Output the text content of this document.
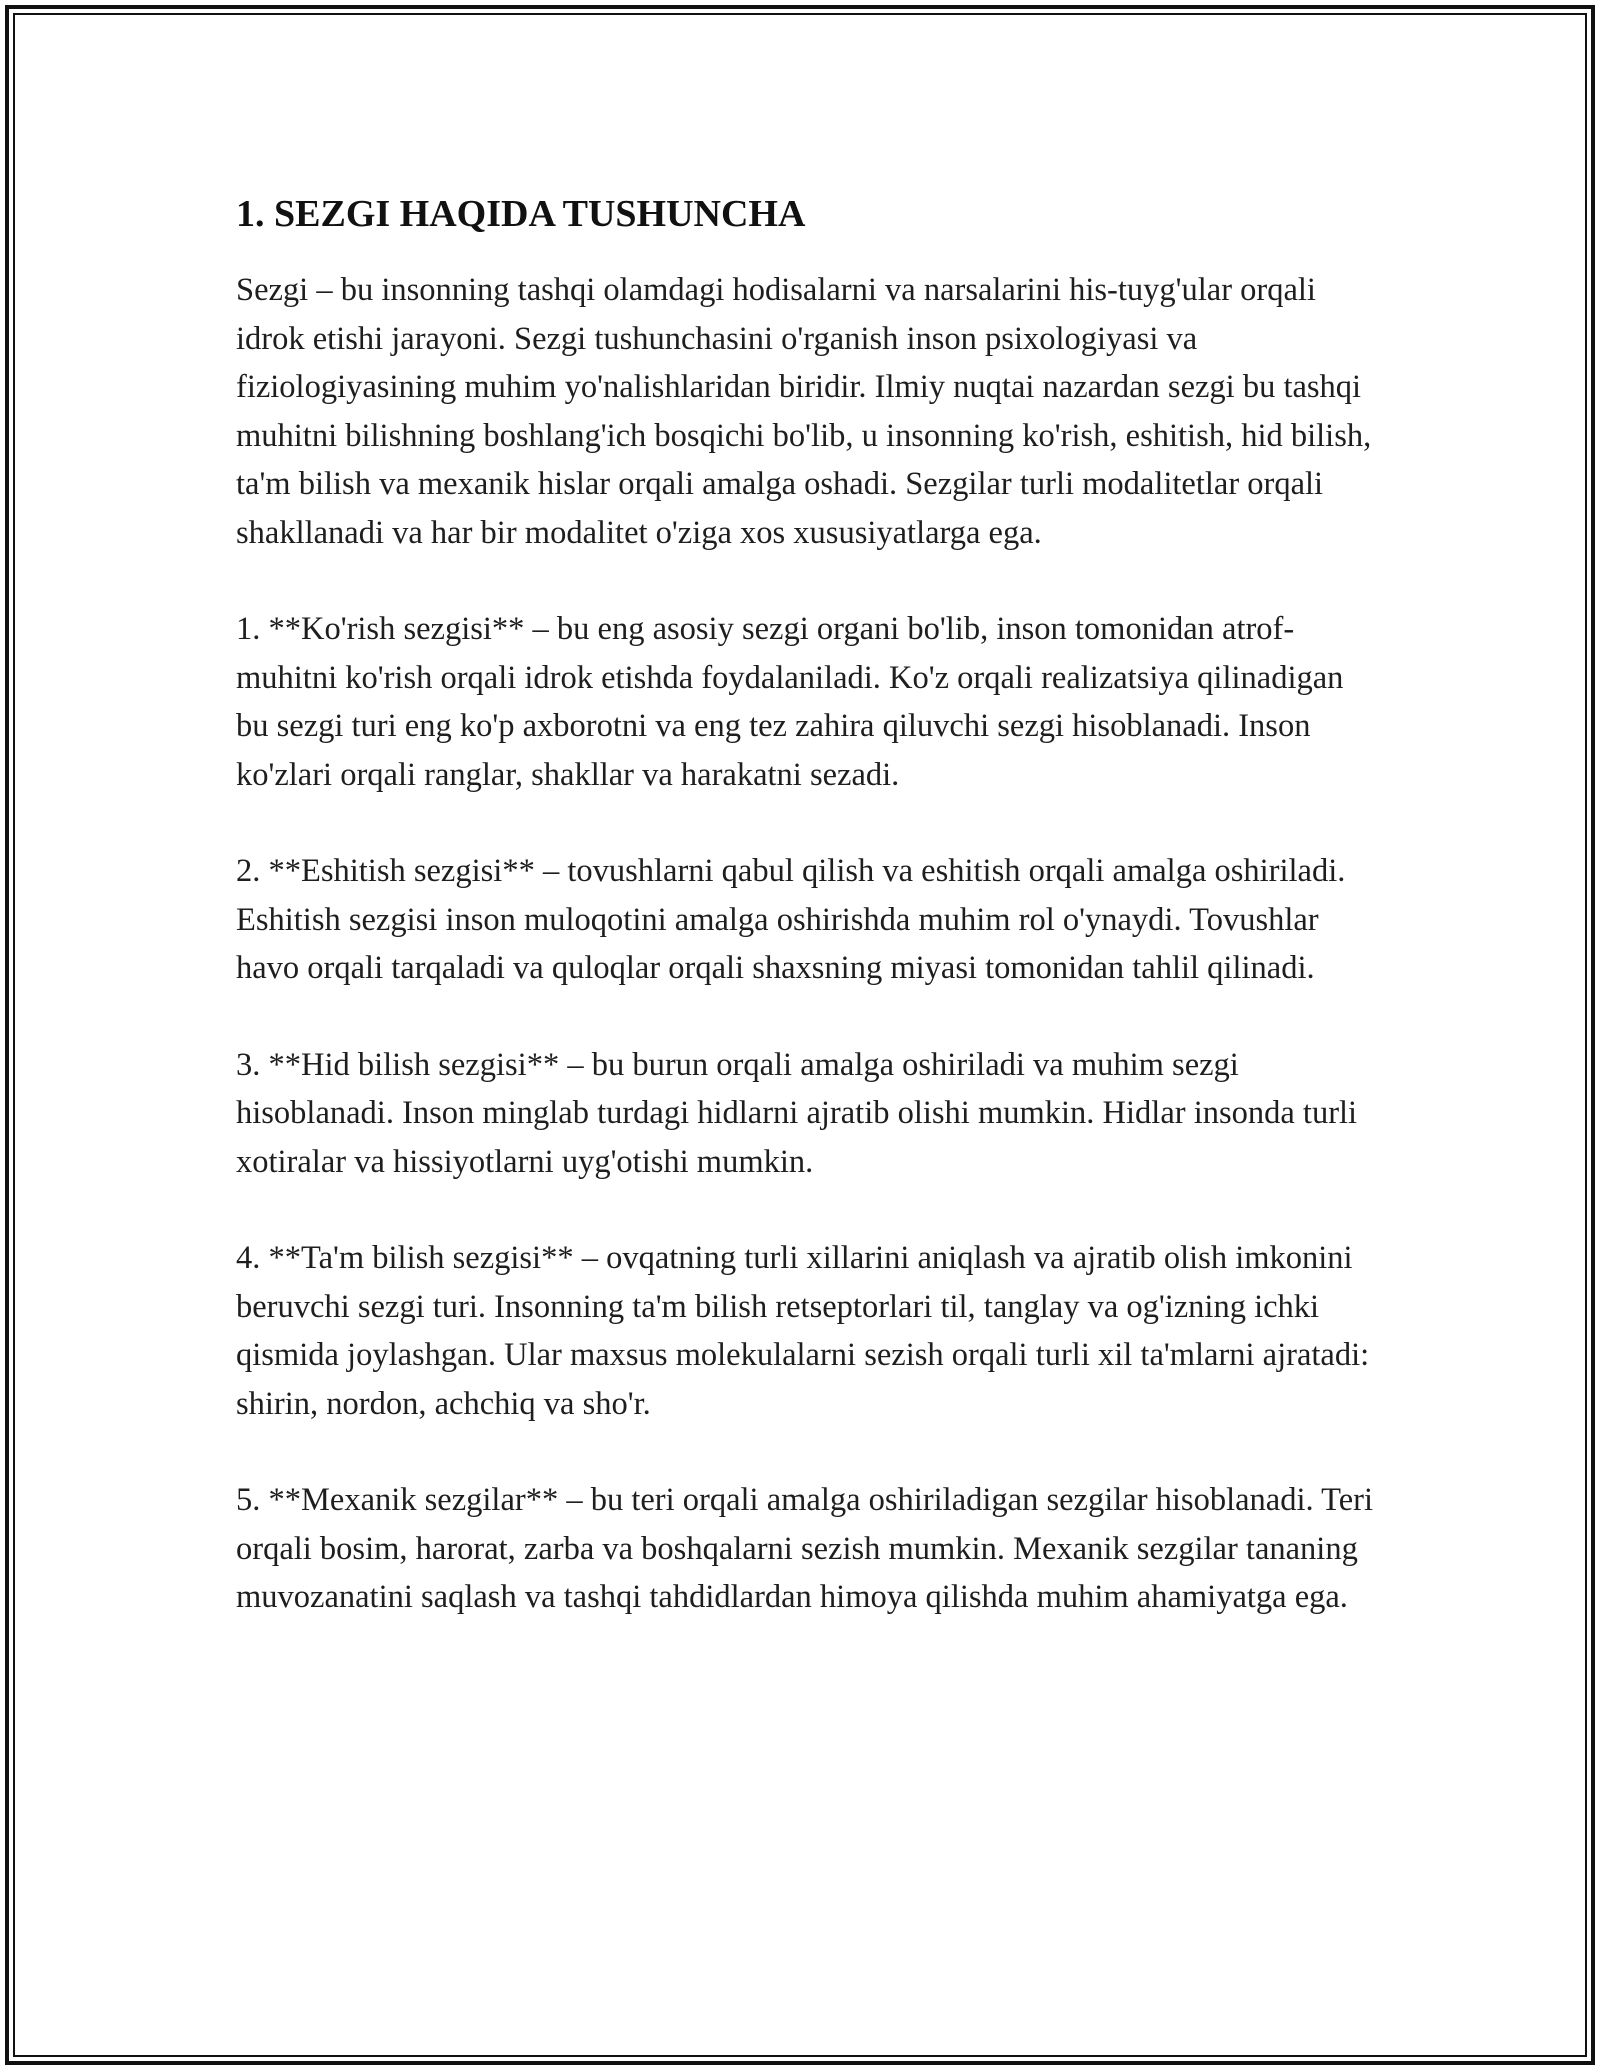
1. SEZGI HAQIDA TUSHUNCHA

Sezgi – bu insonning tashqi olamdagi hodisalarni va narsalarini his-tuyg'ular orqali idrok etishi jarayoni. Sezgi tushunchasini o'rganish inson psixologiyasi va fiziologiyasining muhim yo'nalishlaridan biridir. Ilmiy nuqtai nazardan sezgi bu tashqi muhitni bilishning boshlang'ich bosqichi bo'lib, u insonning ko'rish, eshitish, hid bilish, ta'm bilish va mexanik hislar orqali amalga oshadi. Sezgilar turli modalitetlar orqali shakllanadi va har bir modalitet o'ziga xos xususiyatlarga ega.

1. **Ko'rish sezgisi** – bu eng asosiy sezgi organi bo'lib, inson tomonidan atrof-muhitni ko'rish orqali idrok etishda foydalaniladi. Ko'z orqali realizatsiya qilinadigan bu sezgi turi eng ko'p axborotni va eng tez zahira qiluvchi sezgi hisoblanadi. Inson ko'zlari orqali ranglar, shakllar va harakatni sezadi.

2. **Eshitish sezgisi** – tovushlarni qabul qilish va eshitish orqali amalga oshiriladi. Eshitish sezgisi inson muloqotini amalga oshirishda muhim rol o'ynaydi. Tovushlar havo orqali tarqaladi va quloqlar orqali shaxsning miyasi tomonidan tahlil qilinadi.

3. **Hid bilish sezgisi** – bu burun orqali amalga oshiriladi va muhim sezgi hisoblanadi. Inson minglab turdagi hidlarni ajratib olishi mumkin. Hidlar insonda turli xotiralar va hissiyotlarni uyg'otishi mumkin.

4. **Ta'm bilish sezgisi** – ovqatning turli xillarini aniqlash va ajratib olish imkonini beruvchi sezgi turi. Insonning ta'm bilish retseptorlari til, tanglay va og'izning ichki qismida joylashgan. Ular maxsus molekulalarni sezish orqali turli xil ta'mlarni ajratadi: shirin, nordon, achchiq va sho'r.

5. **Mexanik sezgilar** – bu teri orqali amalga oshiriladigan sezgilar hisoblanadi. Teri orqali bosim, harorat, zarba va boshqalarni sezish mumkin. Mexanik sezgilar tananing muvozanatini saqlash va tashqi tahdidlardan himoya qilishda muhim ahamiyatga ega.
